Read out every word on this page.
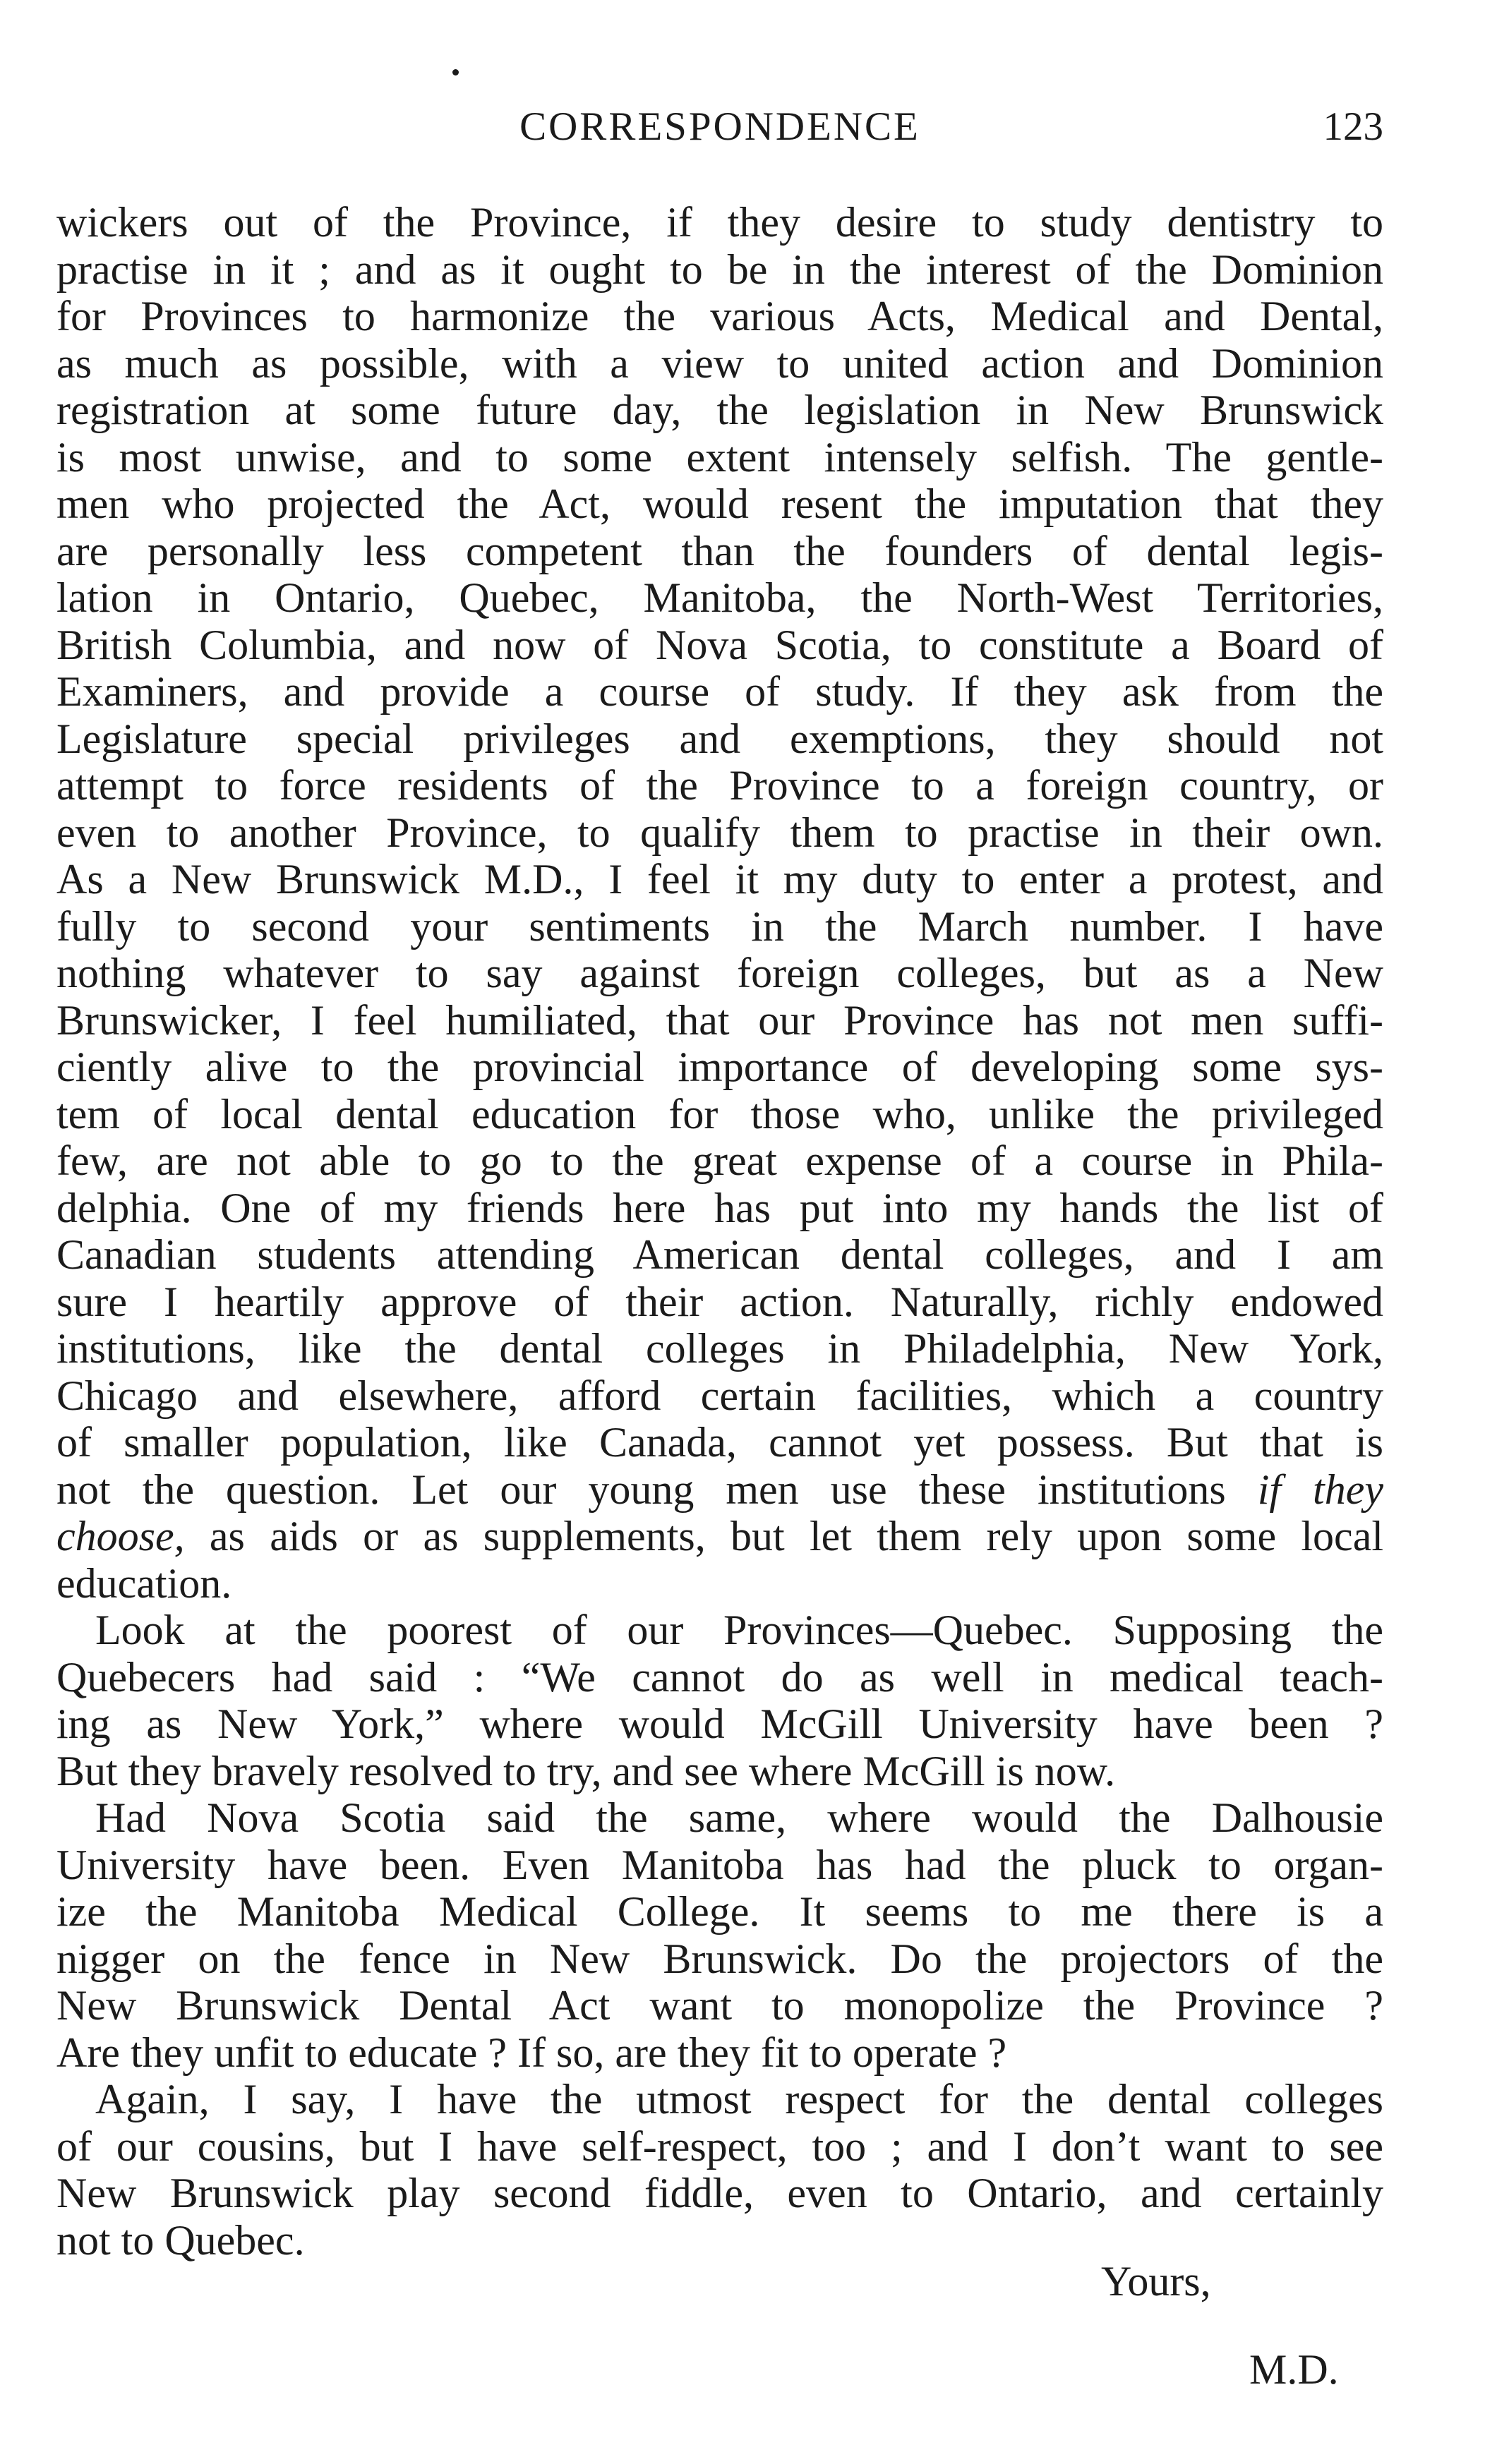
CORRESPONDENCE	123
wickers out of the Province, if they desire to study dentistry to
practise in it ; and as it ought to be in the interest of the Dominion
for Provinces to harmonize the various Acts, Medical and Dental,
as much as possible, with a view to united action and Dominion
registration at some future day, the legislation in New Brunswick
is most unwise, and to some extent intensely selfish. The gentle-
men who projected the Act, would resent the imputation that they
are personally less competent than the founders of dental legis-
lation in Ontario, Quebec, Manitoba, the North-West Territories,
British Columbia, and now of Nova Scotia, to constitute a Board of
Examiners, and provide a course of study. If they ask from the
Legislature special privileges and exemptions, they should not
attempt to force residents of the Province to a foreign country, or
even to another Province, to qualify them to practise in their own.
As a New Brunswick M.D., I feel it my duty to enter a protest, and
fully to second your sentiments in the March number. I have
nothing whatever to say against foreign colleges, but as a New
Brunswicker, I feel humiliated, that our Province has not men suffi-
ciently alive to the provincial importance of developing some sys-
tem of local dental education for those who, unlike the privileged
few, are not able to go to the great expense of a course in Phila-
delphia. One of my friends here has put into my hands the list of
Canadian students attending American dental colleges, and I am
sure I heartily approve of their action. Naturally, richly endowed
institutions, like the dental colleges in Philadelphia, New York,
Chicago and elsewhere, afford certain facilities, which a country
of smaller population, like Canada, cannot yet possess. But that is
not the question. Let our young men use these institutions if they
choose, as aids or as supplements, but let them rely upon some local
education.
Look at the poorest of our Provinces—Quebec. Supposing the
Quebecers had said : “We cannot do as well in medical teach-
ing as New York,” where would McGill University have been ?
But they bravely resolved to try, and see where McGill is now.
Had Nova Scotia said the same, where would the Dalhousie
University have been. Even Manitoba has had the pluck to organ-
ize the Manitoba Medical College. It seems to me there is a
nigger on the fence in New Brunswick. Do the projectors of the
New Brunswick Dental Act want to monopolize the Province ?
Are they unfit to educate ? If so, are they fit to operate ?
Again, I say, I have the utmost respect for the dental colleges
of our cousins, but I have self-respect, too ; and I don’t want to see
New Brunswick play second fiddle, even to Ontario, and certainly
not to Quebec.
Yours,
M.D.
